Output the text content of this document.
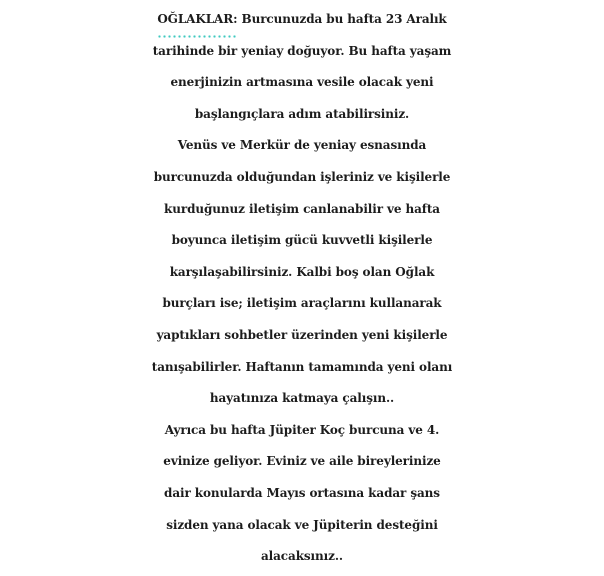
OĞLAKLAR: Burcunuzda bu hafta 23 Aralık
tarihinde bir yeniay doğuyor. Bu hafta yaşam
enerjinizin artmasına vesile olacak yeni
başlangıçlara adım atabilirsiniz.
Venüs ve Merkür de yeniay esnasında
burcunuzda olduğundan işleriniz ve kişilerle
kurduğunuz iletişim canlanabilir ve hafta
boyunca iletişim gücü kuvvetli kişilerle
karşılaşabilirsiniz. Kalbi boş olan Oğlak
burçları ise; iletişim araçlarını kullanarak
yaptıkları sohbetler üzerinden yeni kişilerle
tanışabilirler. Haftanın tamamında yeni olanı
hayatınıza katmaya çalışın..
Ayrıca bu hafta Jüpiter Koç burcuna ve 4.
evinize geliyor. Eviniz ve aile bireylerinize
dair konularda Mayıs ortasına kadar şans
sizden yana olacak ve Jüpiterin desteğini
alacaksınız..
